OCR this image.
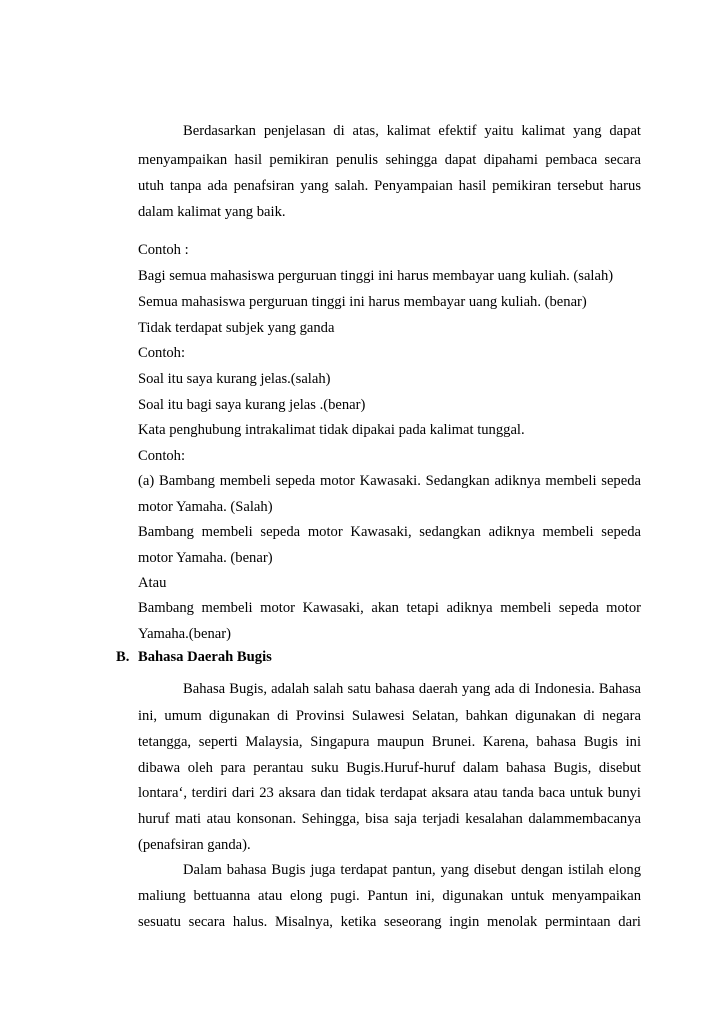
Berdasarkan penjelasan di atas, kalimat efektif yaitu kalimat yang dapat
menyampaikan hasil pemikiran penulis sehingga dapat dipahami pembaca secara
utuh tanpa ada penafsiran yang salah. Penyampaian hasil pemikiran tersebut harus
dalam kalimat yang baik.
Contoh :
Bagi semua mahasiswa perguruan tinggi ini harus membayar uang kuliah. (salah)
Semua mahasiswa perguruan tinggi ini harus membayar uang kuliah. (benar)
Tidak terdapat subjek yang ganda
Contoh:
Soal itu saya kurang jelas.(salah)
Soal itu bagi saya kurang jelas .(benar)
Kata penghubung intrakalimat tidak dipakai pada kalimat tunggal.
Contoh:
(a) Bambang membeli sepeda motor Kawasaki. Sedangkan adiknya membeli sepeda
motor Yamaha. (Salah)
Bambang membeli sepeda motor Kawasaki, sedangkan adiknya membeli sepeda
motor Yamaha. (benar)
Atau
Bambang membeli motor Kawasaki, akan tetapi adiknya membeli sepeda motor
Yamaha.(benar)
B. Bahasa Daerah Bugis
Bahasa Bugis, adalah salah satu bahasa daerah yang ada di Indonesia. Bahasa
ini, umum digunakan di Provinsi Sulawesi Selatan, bahkan digunakan di negara
tetangga, seperti Malaysia, Singapura maupun Brunei. Karena, bahasa Bugis ini
dibawa oleh para perantau suku Bugis.Huruf-huruf dalam bahasa Bugis, disebut
lontara‘, terdiri dari 23 aksara dan tidak terdapat aksara atau tanda baca untuk bunyi
huruf mati atau konsonan. Sehingga, bisa saja terjadi kesalahan dalammembacanya
(penafsiran ganda).
Dalam bahasa Bugis juga terdapat pantun, yang disebut dengan istilah elong
maliung bettuanna atau elong pugi. Pantun ini, digunakan untuk menyampaikan
sesuatu secara halus. Misalnya, ketika seseorang ingin menolak permintaan dari
